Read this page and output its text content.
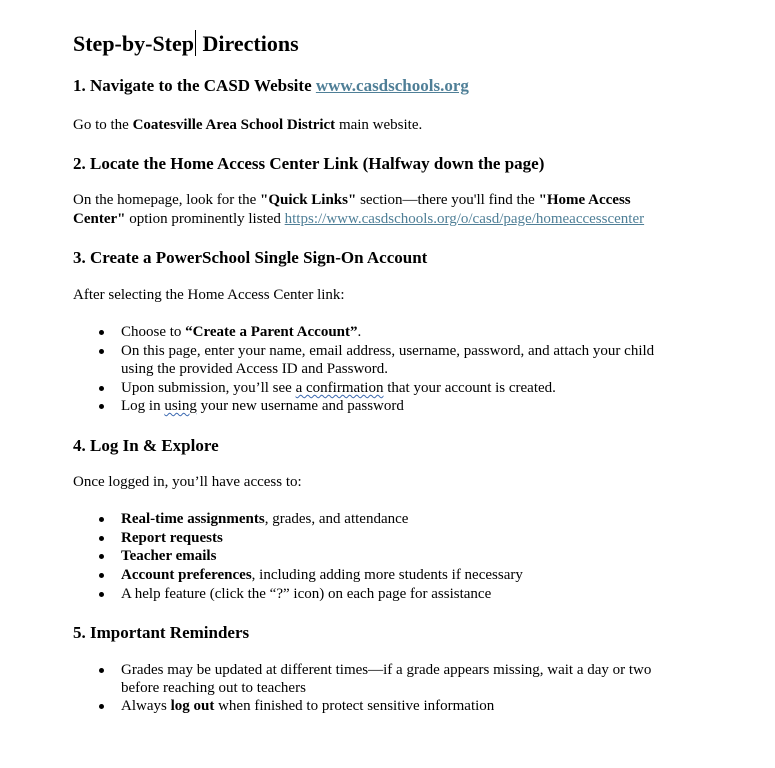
Step-by-Step Directions
1. Navigate to the CASD Website www.casdschools.org
Go to the Coatesville Area School District main website.
2. Locate the Home Access Center Link (Halfway down the page)
On the homepage, look for the "Quick Links" section—there you'll find the "Home Access
Center" option prominently listed https://www.casdschools.org/o/casd/page/homeaccesscenter
3. Create a PowerSchool Single Sign-On Account
After selecting the Home Access Center link:
Choose to “Create a Parent Account”.
On this page, enter your name, email address, username, password, and attach your child
using the provided Access ID and Password.
Upon submission, you’ll see a confirmation that your account is created.
Log in using your new username and password
4. Log In & Explore
Once logged in, you’ll have access to:
Real-time assignments, grades, and attendance
Report requests
Teacher emails
Account preferences, including adding more students if necessary
A help feature (click the “?” icon) on each page for assistance
5. Important Reminders
Grades may be updated at different times—if a grade appears missing, wait a day or two
before reaching out to teachers
Always log out when finished to protect sensitive information
